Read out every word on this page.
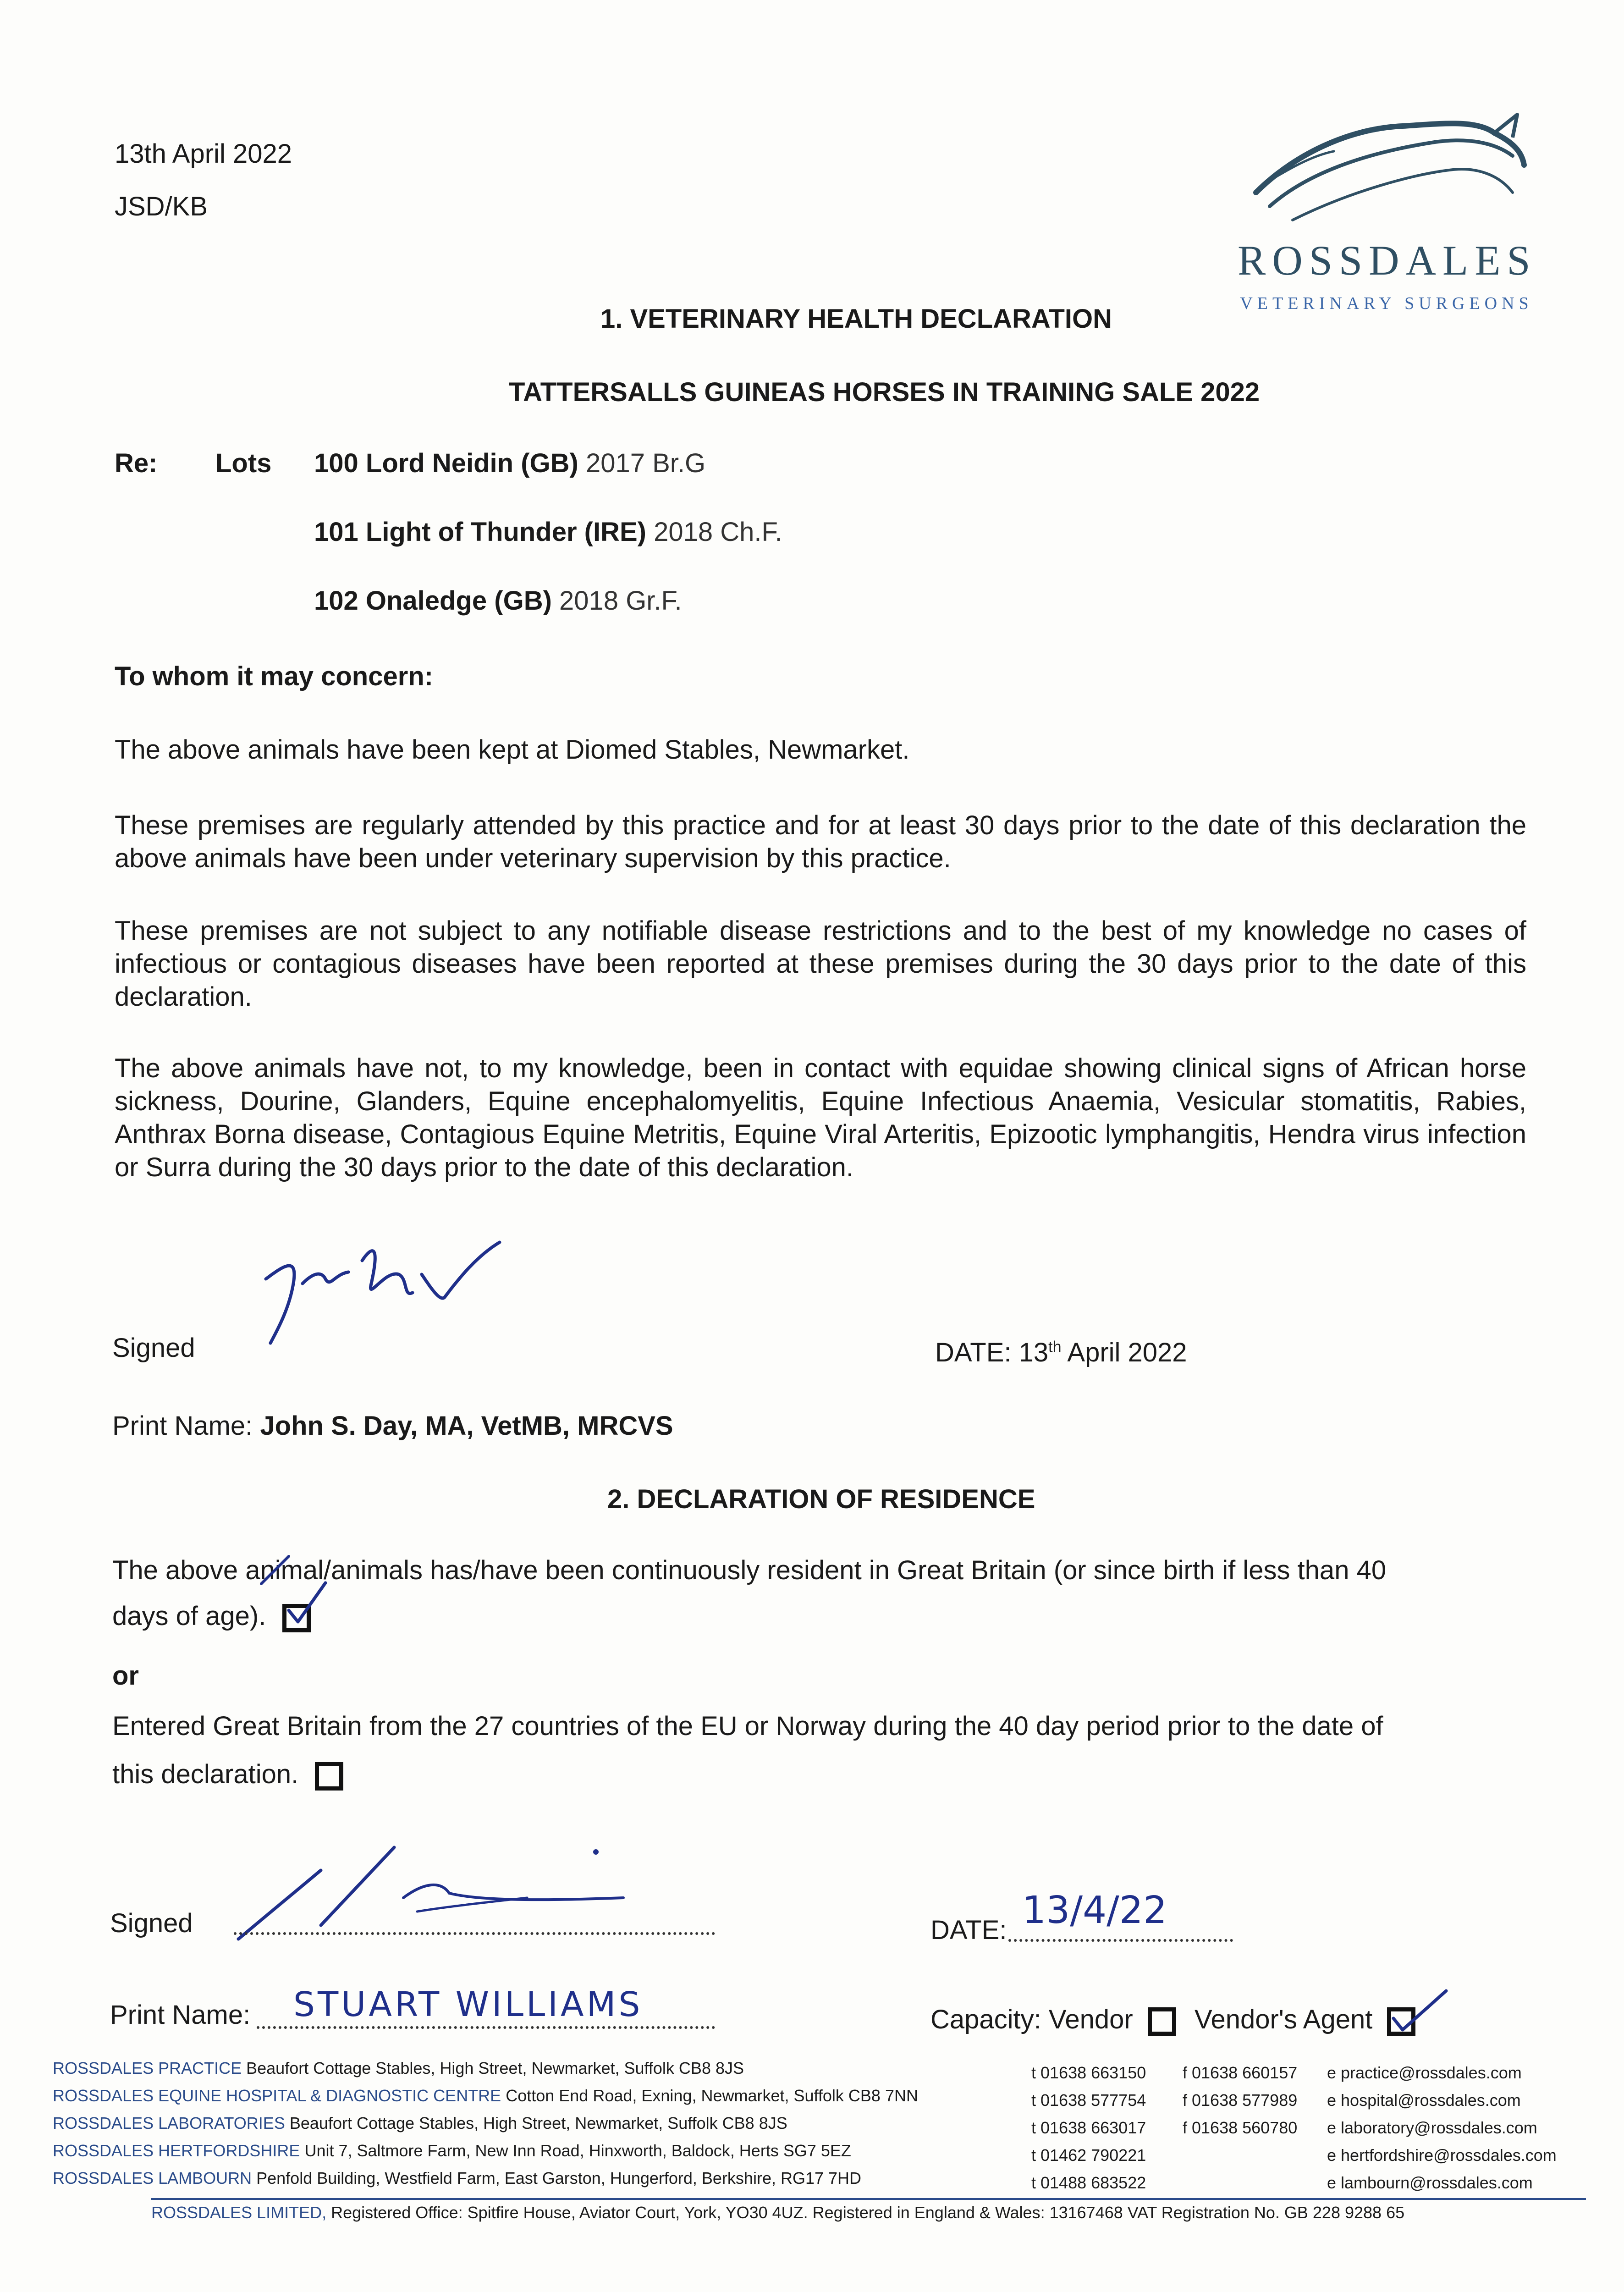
13th April 2022
JSD/KB
ROSSDALES
VETERINARY SURGEONS
1. VETERINARY HEALTH DECLARATION
TATTERSALLS GUINEAS HORSES IN TRAINING SALE 2022
Re: Lots 100 Lord Neidin (GB) 2017 Br.G
101 Light of Thunder (IRE) 2018 Ch.F.
102 Onaledge (GB) 2018 Gr.F.
To whom it may concern:
The above animals have been kept at Diomed Stables, Newmarket.
These premises are regularly attended by this practice and for at least 30 days prior to the date of this declaration the above animals have been under veterinary supervision by this practice.
These premises are not subject to any notifiable disease restrictions and to the best of my knowledge no cases of infectious or contagious diseases have been reported at these premises during the 30 days prior to the date of this declaration.
The above animals have not, to my knowledge, been in contact with equidae showing clinical signs of African horse sickness, Dourine, Glanders, Equine encephalomyelitis, Equine Infectious Anaemia, Vesicular stomatitis, Rabies, Anthrax Borna disease, Contagious Equine Metritis, Equine Viral Arteritis, Epizootic lymphangitis, Hendra virus infection or Surra during the 30 days prior to the date of this declaration.
Signed	DATE: 13th April 2022
Print Name: John S. Day, MA, VetMB, MRCVS
2. DECLARATION OF RESIDENCE
The above animal/animals has/have been continuously resident in Great Britain (or since birth if less than 40
days of age).
or
Entered Great Britain from the 27 countries of the EU or Norway during the 40 day period prior to the date of
this declaration.
Signed	DATE: 13/4/22
Print Name: STUART WILLIAMS	Capacity: Vendor Vendor's Agent
ROSSDALES PRACTICE Beaufort Cottage Stables, High Street, Newmarket, Suffolk CB8 8JS
ROSSDALES EQUINE HOSPITAL & DIAGNOSTIC CENTRE Cotton End Road, Exning, Newmarket, Suffolk CB8 7NN
ROSSDALES LABORATORIES Beaufort Cottage Stables, High Street, Newmarket, Suffolk CB8 8JS
ROSSDALES HERTFORDSHIRE Unit 7, Saltmore Farm, New Inn Road, Hinxworth, Baldock, Herts SG7 5EZ
ROSSDALES LAMBOURN Penfold Building, Westfield Farm, East Garston, Hungerford, Berkshire, RG17 7HD
t 01638 663150 f 01638 660157 e practice@rossdales.com
t 01638 577754 f 01638 577989 e hospital@rossdales.com
t 01638 663017 f 01638 560780 e laboratory@rossdales.com
t 01462 790221	e hertfordshire@rossdales.com
t 01488 683522	e lambourn@rossdales.com
ROSSDALES LIMITED, Registered Office: Spitfire House, Aviator Court, York, YO30 4UZ. Registered in England & Wales: 13167468 VAT Registration No. GB 228 9288 65
